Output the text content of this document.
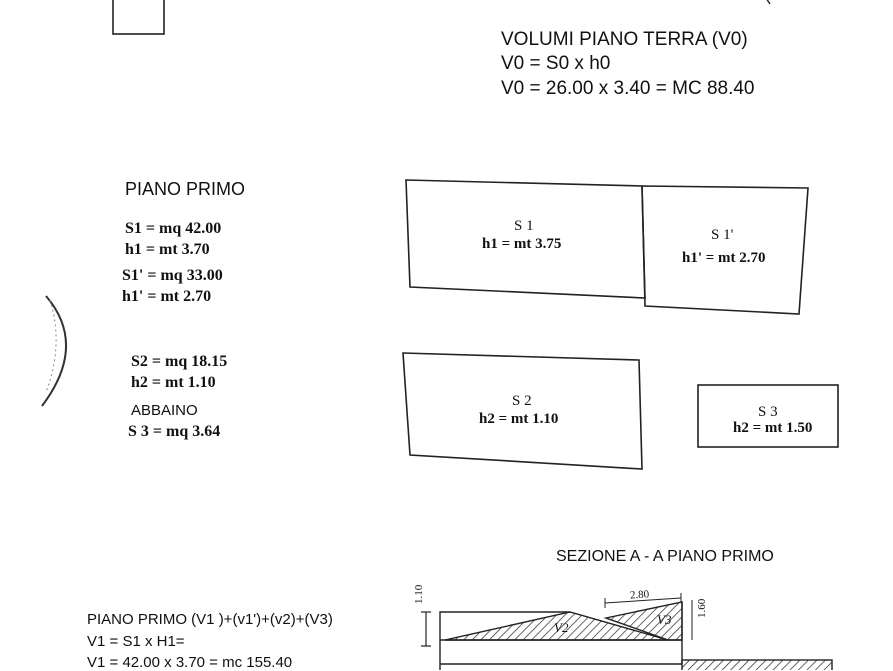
VOLUMI PIANO TERRA (V0)
V0 = S0 x h0
V0 = 26.00 x 3.40 = MC 88.40
PIANO PRIMO
S1 = mq 42.00
h1 = mt 3.70
S1' = mq 33.00
h1' = mt 2.70
S2 = mq 18.15
h2 = mt 1.10
ABBAINO
S 3 = mq 3.64
S 1
h1 = mt 3.75
S 1'
h1' = mt 2.70
S 2
h2 = mt 1.10	S 3
h2 = mt 1.50
SEZIONE A - A PIANO PRIMO
1.10	2.80
1.60
V2
V3
PIANO PRIMO (V1 )+(v1')+(v2)+(V3)
V1 = S1 x H1=
V1 = 42.00 x 3.70 = mc 155.40
